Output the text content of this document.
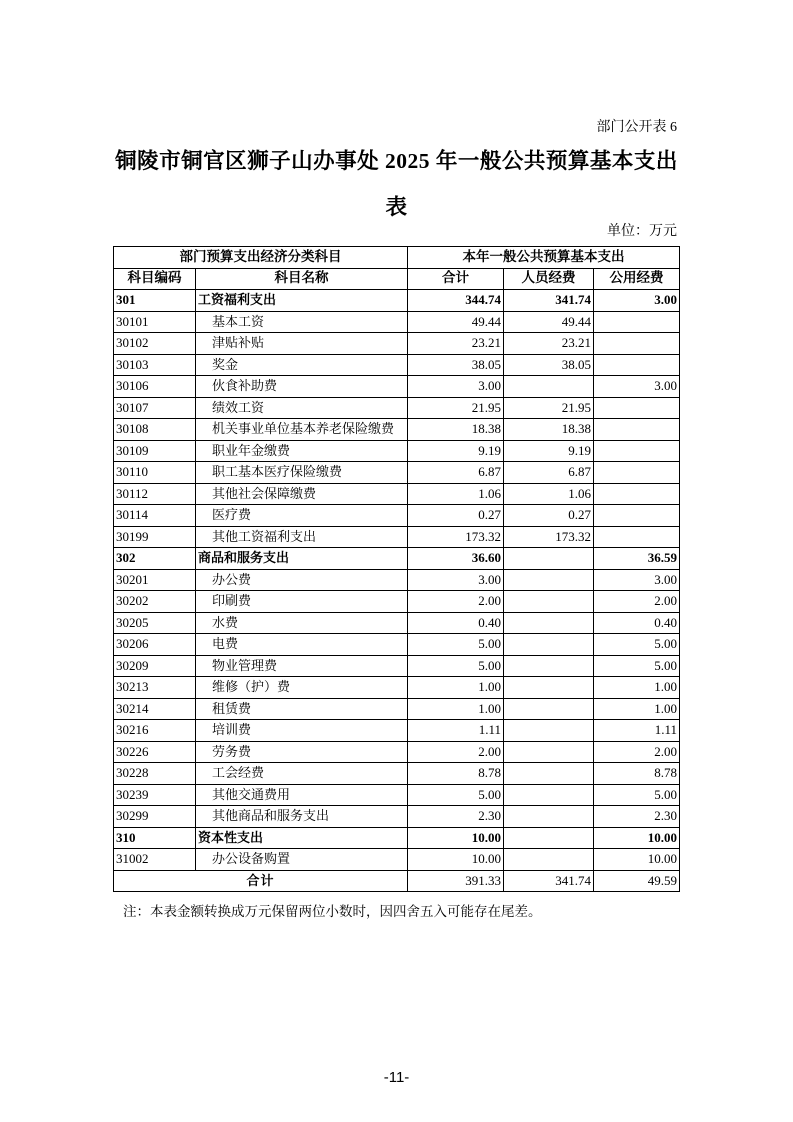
部门公开表 6
铜陵市铜官区狮子山办事处 2025 年一般公共预算基本支出
表
单位：万元
部门预算支出经济分类科目		本年一般公共预算基本支出		
科目编码	科目名称	合计	人员经费	公用经费
301	工资福利支出	344.74	341.74	3.00
30101	基本工资	49.44	49.44	
30102	津贴补贴	23.21	23.21	
30103	奖金	38.05	38.05	
30106	伙食补助费	3.00		3.00
30107	绩效工资	21.95	21.95	
30108	机关事业单位基本养老保险缴费	18.38	18.38	
30109	职业年金缴费	9.19	9.19	
30110	职工基本医疗保险缴费	6.87	6.87	
30112	其他社会保障缴费	1.06	1.06	
30114	医疗费	0.27	0.27	
30199	其他工资福利支出	173.32	173.32	
302	商品和服务支出	36.60		36.59
30201	办公费	3.00		3.00
30202	印刷费	2.00		2.00
30205	水费	0.40		0.40
30206	电费	5.00		5.00
30209	物业管理费	5.00		5.00
30213	维修（护）费	1.00		1.00
30214	租赁费	1.00		1.00
30216	培训费	1.11		1.11
30226	劳务费	2.00		2.00
30228	工会经费	8.78		8.78
30239	其他交通费用	5.00		5.00
30299	其他商品和服务支出	2.30		2.30
310	资本性支出	10.00		10.00
31002	办公设备购置	10.00		10.00
合计		391.33	341.74	49.59
注：本表金额转换成万元保留两位小数时，因四舍五入可能存在尾差。
-11-
